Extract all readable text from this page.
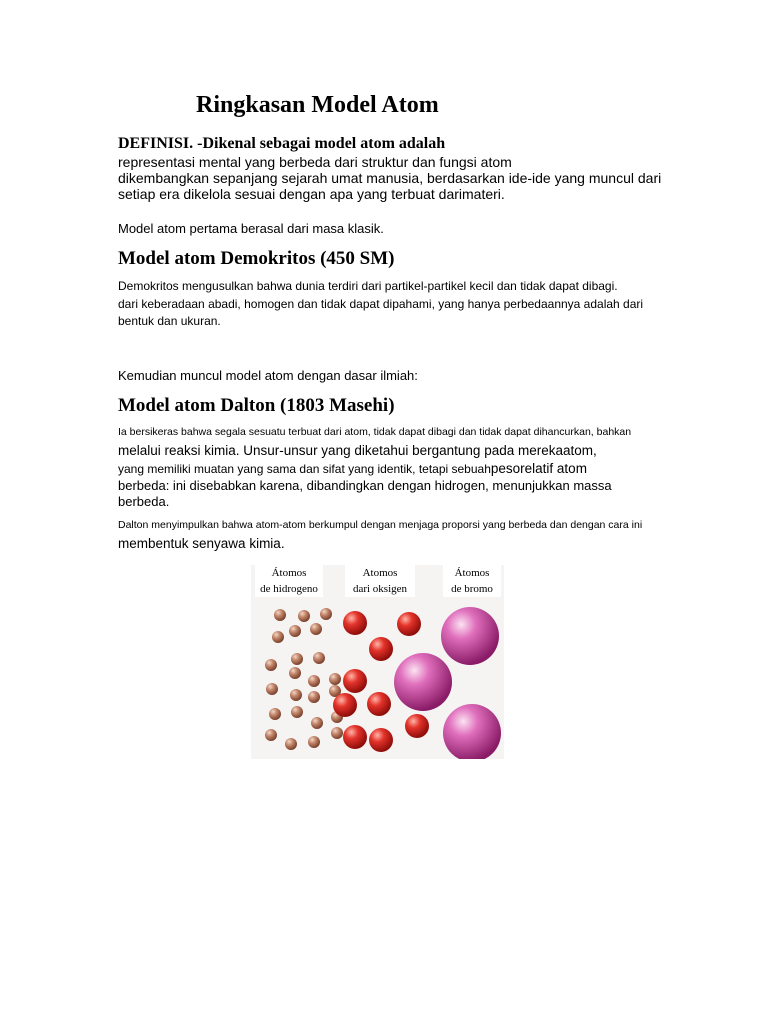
Ringkasan Model Atom
DEFINISI. -Dikenal sebagai model atom adalah
representasi mental yang berbeda dari struktur dan fungsi atom
dikembangkan sepanjang sejarah umat manusia, berdasarkan ide-ide yang muncul dari
setiap era dikelola sesuai dengan apa yang terbuat darimateri.
Model atom pertama berasal dari masa klasik.
Model atom Demokritos (450 SM)
Demokritos mengusulkan bahwa dunia terdiri dari partikel-partikel kecil dan tidak dapat dibagi.
dari keberadaan abadi, homogen dan tidak dapat dipahami, yang hanya perbedaannya adalah dari
bentuk dan ukuran.
Kemudian muncul model atom dengan dasar ilmiah:
Model atom Dalton (1803 Masehi)
Ia bersikeras bahwa segala sesuatu terbuat dari atom, tidak dapat dibagi dan tidak dapat dihancurkan, bahkan
melalui reaksi kimia. Unsur-unsur yang diketahui bergantung pada merekaatom,
yang memiliki muatan yang sama dan sifat yang identik, tetapi sebuahpesorelatif atom
berbeda: ini disebabkan karena, dibandingkan dengan hidrogen, menunjukkan massa
berbeda.
Dalton menyimpulkan bahwa atom-atom berkumpul dengan menjaga proporsi yang berbeda dan dengan cara ini
membentuk senyawa kimia.
Átomos
de hidrogeno
Atomos
dari oksigen
Átomos
de bromo
